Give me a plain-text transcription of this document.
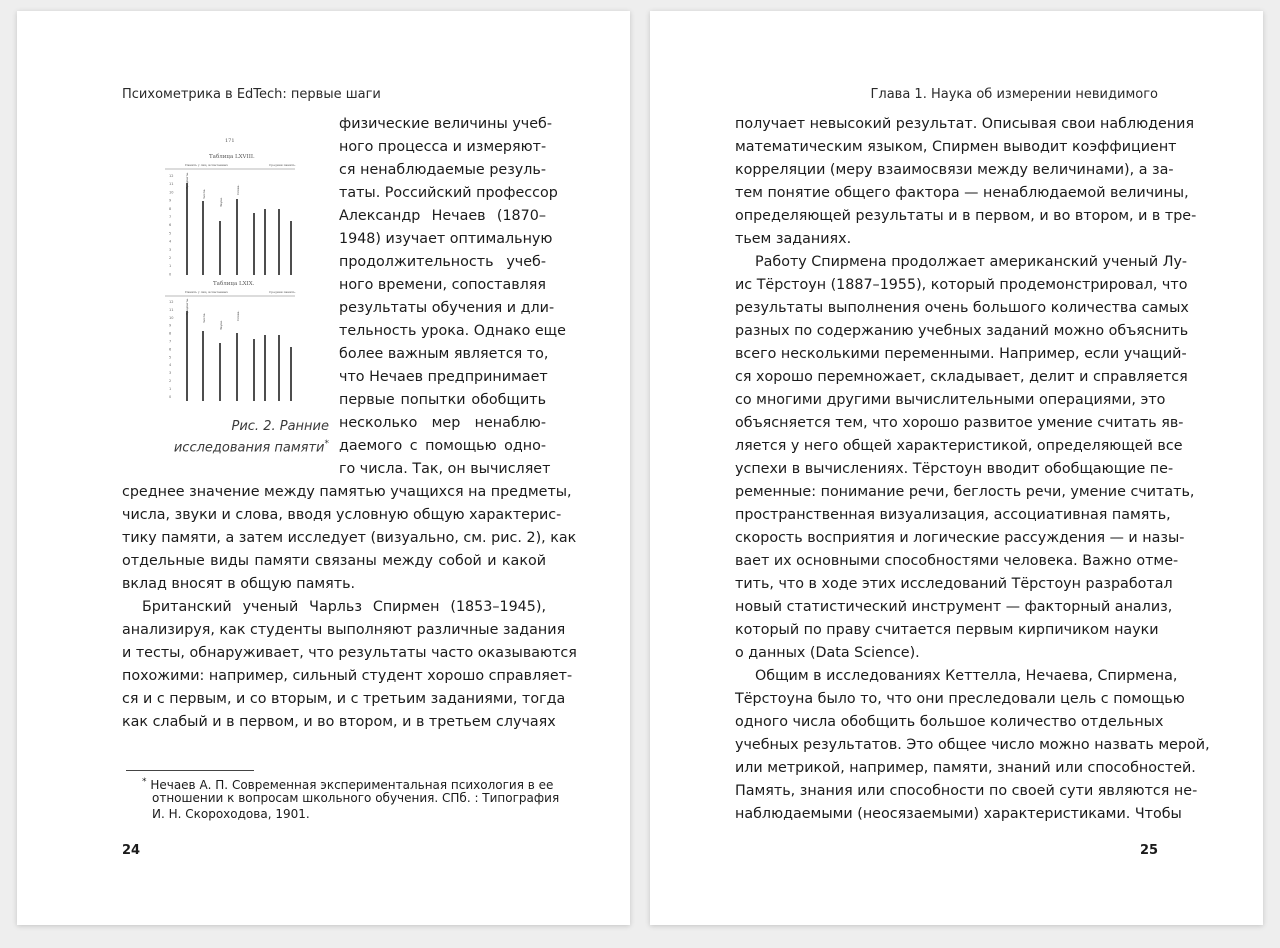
Психометрика в EdTech: первые шаги
171
Таблица LXVIII.
Память у лиц, испытанных	Средняя память.
Таблица LXIX.
Память у лиц, испытанных	Средняя память.
12
11
10
9
8
7
6
5
4
3
2
1
0
12
11
10
9
8
7
6
5
4
3
2
1
0
Предметы.
Числа.
Звуки.
Слова.
Предметы.
Числа.
Звуки.
Слова.
Рис. 2. Ранние
исследования памяти*
физические величины учеб-
ного процесса и измеряют-
ся ненаблюдаемые резуль-
таты. Российский профессор
Александр Нечаев (1870–
1948) изучает оптимальную
продолжительность учеб-
ного времени, сопоставляя
результаты обучения и дли-
тельность урока. Однако еще
более важным является то,
что Нечаев предпринимает
первые попытки обобщить
несколько мер ненаблю-
даемого с помощью одно-
го числа. Так, он вычисляет
среднее значение между памятью учащихся на предметы,
числа, звуки и слова, вводя условную общую характерис-
тику памяти, а затем исследует (визуально, см. рис. 2), как
отдельные виды памяти связаны между собой и какой
вклад вносят в общую память.
Британский ученый Чарльз Спирмен (1853–1945),
анализируя, как студенты выполняют различные задания
и тесты, обнаруживает, что результаты часто оказываются
похожими: например, сильный студент хорошо справляет-
ся и с первым, и со вторым, и с третьим заданиями, тогда
как слабый и в первом, и во втором, и в третьем случаях
* Нечаев А. П. Современная экспериментальная психология в ее
отношении к вопросам школьного обучения. СПб. : Типография
И. Н. Скороходова, 1901.
24
Глава 1. Наука об измерении невидимого
получает невысокий результат. Описывая свои наблюдения
математическим языком, Спирмен выводит коэффициент
корреляции (меру взаимосвязи между величинами), а за-
тем понятие общего фактора — ненаблюдаемой величины,
определяющей результаты и в первом, и во втором, и в тре-
тьем заданиях.
Работу Спирмена продолжает американский ученый Лу-
ис Тёрстоун (1887–1955), который продемонстрировал, что
результаты выполнения очень большого количества самых
разных по содержанию учебных заданий можно объяснить
всего несколькими переменными. Например, если учащий-
ся хорошо перемножает, складывает, делит и справляется
со многими другими вычислительными операциями, это
объясняется тем, что хорошо развитое умение считать яв-
ляется у него общей характеристикой, определяющей все
успехи в вычислениях. Тёрстоун вводит обобщающие пе-
ременные: понимание речи, беглость речи, умение считать,
пространственная визуализация, ассоциативная память,
скорость восприятия и логические рассуждения — и назы-
вает их основными способностями человека. Важно отме-
тить, что в ходе этих исследований Тёрстоун разработал
новый статистический инструмент — факторный анализ,
который по праву считается первым кирпичиком науки
о данных (Data Science).
Общим в исследованиях Кеттелла, Нечаева, Спирмена,
Тёрстоуна было то, что они преследовали цель с помощью
одного числа обобщить большое количество отдельных
учебных результатов. Это общее число можно назвать мерой,
или метрикой, например, памяти, знаний или способностей.
Память, знания или способности по своей сути являются не-
наблюдаемыми (неосязаемыми) характеристиками. Чтобы
25
